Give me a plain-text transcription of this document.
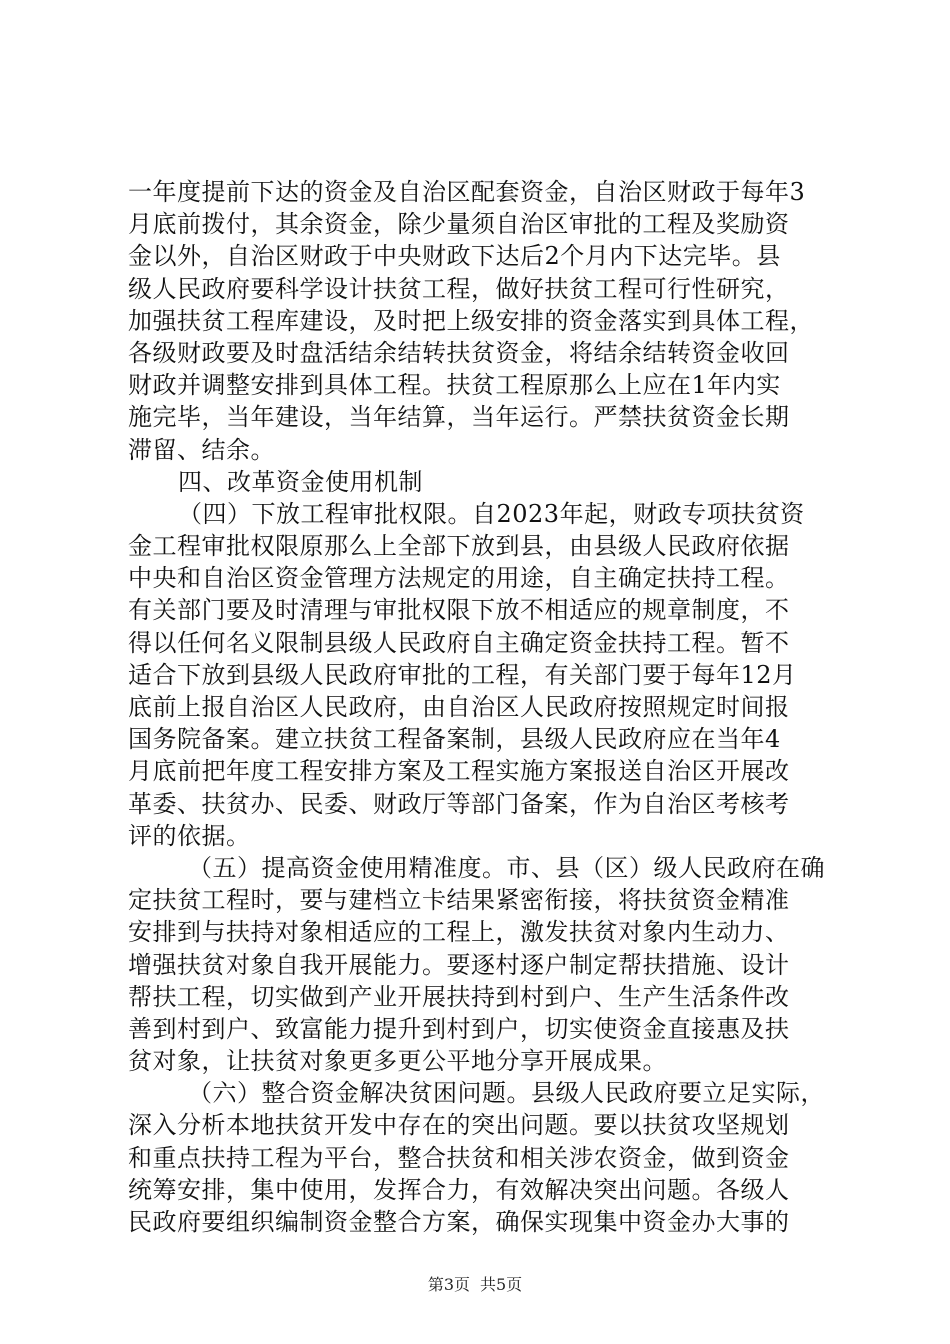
一年度提前下达的资金及自治区配套资金，自治区财政于每年3
月底前拨付，其余资金，除少量须自治区审批的工程及奖励资
金以外，自治区财政于中央财政下达后2个月内下达完毕。县
级人民政府要科学设计扶贫工程，做好扶贫工程可行性研究，
加强扶贫工程库建设，及时把上级安排的资金落实到具体工程，
各级财政要及时盘活结余结转扶贫资金，将结余结转资金收回
财政并调整安排到具体工程。扶贫工程原那么上应在1年内实
施完毕，当年建设，当年结算，当年运行。严禁扶贫资金长期
滞留、结余。
四、改革资金使用机制
（四）下放工程审批权限。自2023年起，财政专项扶贫资
金工程审批权限原那么上全部下放到县，由县级人民政府依据
中央和自治区资金管理方法规定的用途，自主确定扶持工程。
有关部门要及时清理与审批权限下放不相适应的规章制度，不
得以任何名义限制县级人民政府自主确定资金扶持工程。暂不
适合下放到县级人民政府审批的工程，有关部门要于每年12月
底前上报自治区人民政府，由自治区人民政府按照规定时间报
国务院备案。建立扶贫工程备案制，县级人民政府应在当年4
月底前把年度工程安排方案及工程实施方案报送自治区开展改
革委、扶贫办、民委、财政厅等部门备案，作为自治区考核考
评的依据。
（五）提高资金使用精准度。市、县（区）级人民政府在确
定扶贫工程时，要与建档立卡结果紧密衔接，将扶贫资金精准
安排到与扶持对象相适应的工程上，激发扶贫对象内生动力、
增强扶贫对象自我开展能力。要逐村逐户制定帮扶措施、设计
帮扶工程，切实做到产业开展扶持到村到户、生产生活条件改
善到村到户、致富能力提升到村到户，切实使资金直接惠及扶
贫对象，让扶贫对象更多更公平地分享开展成果。
（六）整合资金解决贫困问题。县级人民政府要立足实际，
深入分析本地扶贫开发中存在的突出问题。要以扶贫攻坚规划
和重点扶持工程为平台，整合扶贫和相关涉农资金，做到资金
统筹安排，集中使用，发挥合力，有效解决突出问题。各级人
民政府要组织编制资金整合方案，确保实现集中资金办大事的
第3页 共5页
